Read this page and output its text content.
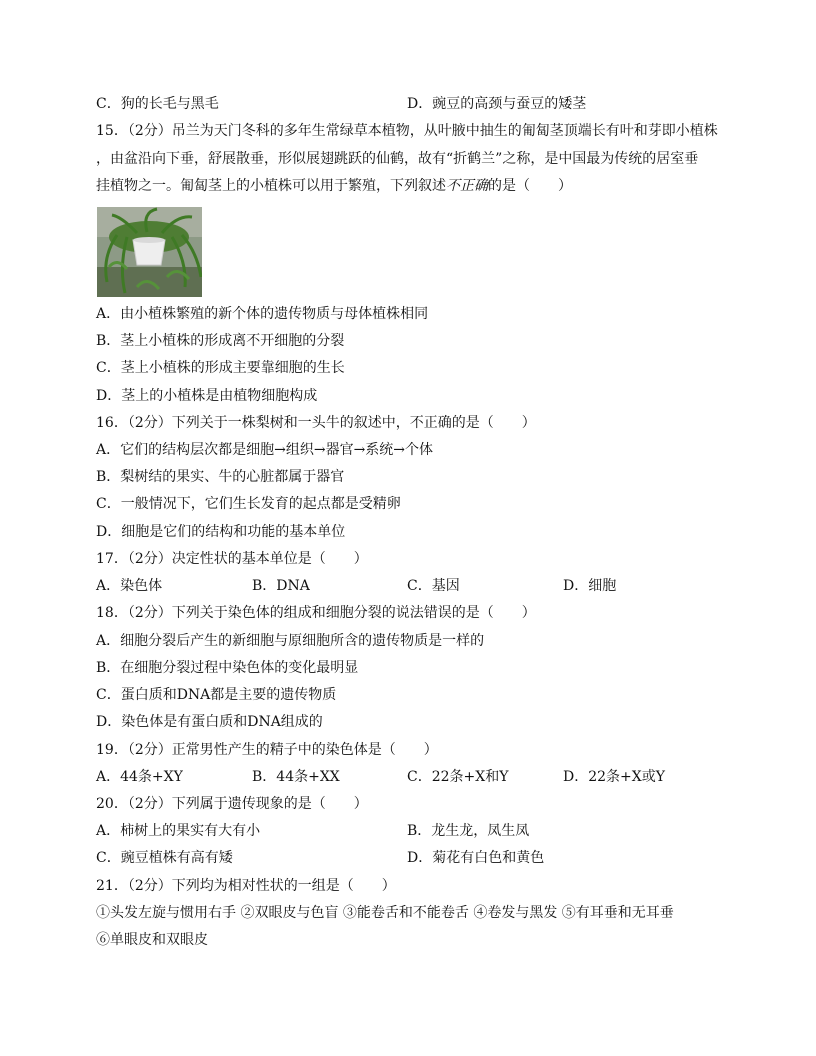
C．狗的长毛与黑毛	D．豌豆的高颈与蚕豆的矮茎
15．（2分）吊兰为天门冬科的多年生常绿草本植物，从叶腋中抽生的匍匐茎顶端长有叶和芽即小植株
，由盆沿向下垂，舒展散垂，形似展翅跳跃的仙鹤，故有“折鹤兰”之称，是中国最为传统的居室垂
挂植物之一。匍匐茎上的小植株可以用于繁殖，下列叙述不正确的是（　　）
A．由小植株繁殖的新个体的遗传物质与母体植株相同
B．茎上小植株的形成离不开细胞的分裂
C．茎上小植株的形成主要靠细胞的生长
D．茎上的小植株是由植物细胞构成
16．（2分）下列关于一株梨树和一头牛的叙述中，不正确的是（　　）
A．它们的结构层次都是细胞→组织→器官→系统→个体
B．梨树结的果实、牛的心脏都属于器官
C．一般情况下，它们生长发育的起点都是受精卵
D．细胞是它们的结构和功能的基本单位
17．（2分）决定性状的基本单位是（　　）
A．染色体	B．DNA	C．基因	D．细胞
18．（2分）下列关于染色体的组成和细胞分裂的说法错误的是（　　）
A．细胞分裂后产生的新细胞与原细胞所含的遗传物质是一样的
B．在细胞分裂过程中染色体的变化最明显
C．蛋白质和DNA都是主要的遗传物质
D．染色体是有蛋白质和DNA组成的
19．（2分）正常男性产生的精子中的染色体是（　　）
A．44条+XY	B．44条+XX	C．22条+X和Y	D．22条+X或Y
20．（2分）下列属于遗传现象的是（　　）
A．柿树上的果实有大有小	B．龙生龙，凤生凤
C．豌豆植株有高有矮	D．菊花有白色和黄色
21．（2分）下列均为相对性状的一组是（　　）
①头发左旋与惯用右手 ②双眼皮与色盲 ③能卷舌和不能卷舌 ④卷发与黑发 ⑤有耳垂和无耳垂
⑥单眼皮和双眼皮
